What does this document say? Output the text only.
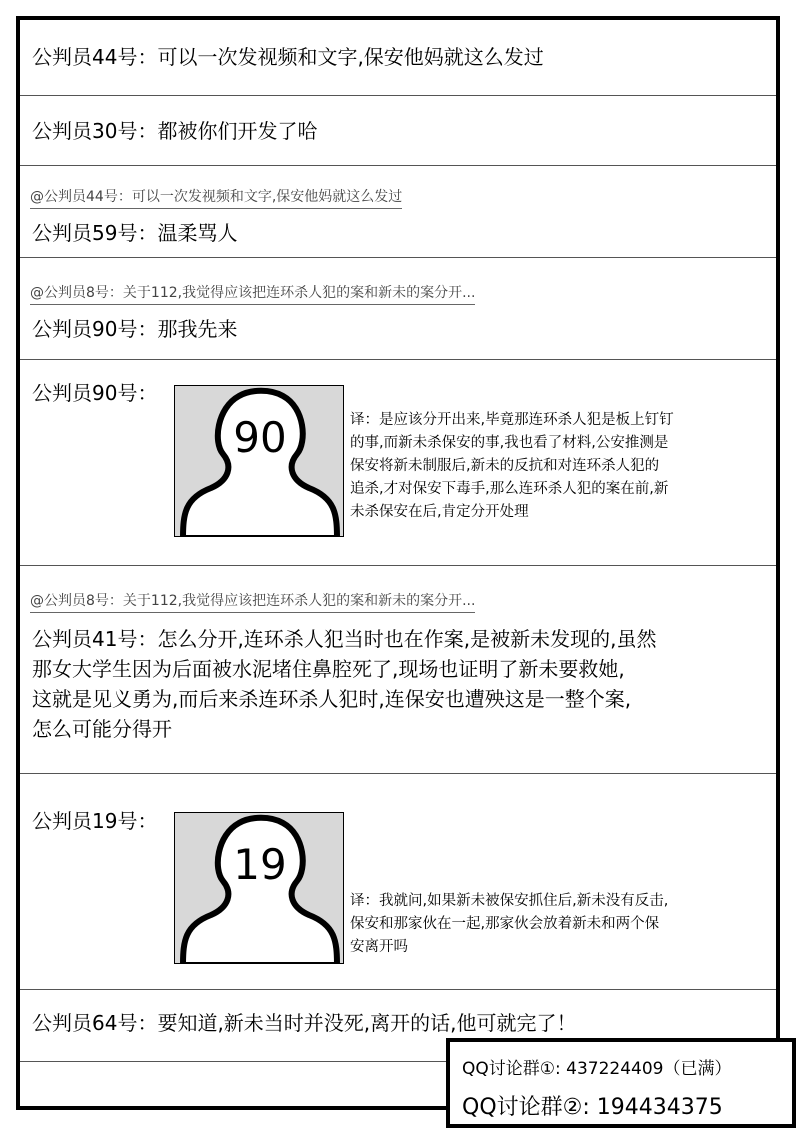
公判员44号：可以一次发视频和文字,保安他妈就这么发过
公判员30号：都被你们开发了哈
@公判员44号：可以一次发视频和文字,保安他妈就这么发过
公判员59号：温柔骂人
@公判员8号：关于112,我觉得应该把连环杀人犯的案和新未的案分开...
公判员90号：那我先来
公判员90号：
90	译：是应该分开出来,毕竟那连环杀人犯是板上钉钉
的事,而新未杀保安的事,我也看了材料,公安推测是
保安将新未制服后,新未的反抗和对连环杀人犯的
追杀,才对保安下毒手,那么连环杀人犯的案在前,新
未杀保安在后,肯定分开处理
@公判员8号：关于112,我觉得应该把连环杀人犯的案和新未的案分开...
公判员41号：怎么分开,连环杀人犯当时也在作案,是被新未发现的,虽然
那女大学生因为后面被水泥堵住鼻腔死了,现场也证明了新未要救她,
这就是见义勇为,而后来杀连环杀人犯时,连保安也遭殃这是一整个案,
怎么可能分得开
公判员19号：
19
译：我就问,如果新未被保安抓住后,新未没有反击,
保安和那家伙在一起,那家伙会放着新未和两个保
安离开吗
公判员64号：要知道,新未当时并没死,离开的话,他可就完了！
QQ讨论群①: 437224409（已满）
QQ讨论群②: 194434375
